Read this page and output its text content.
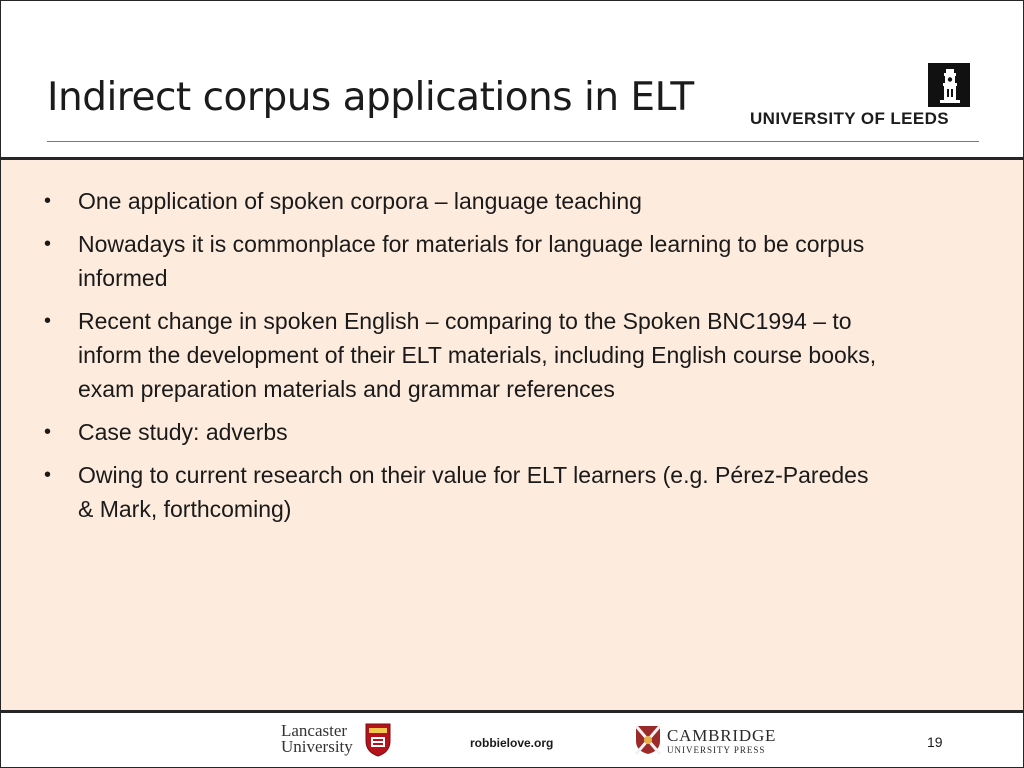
Indirect corpus applications in ELT	UNIVERSITY OF LEEDS
• One application of spoken corpora – language teaching
• Nowadays it is commonplace for materials for language learning to be corpus informed
• Recent change in spoken English – comparing to the Spoken BNC1994 – to inform the development of their ELT materials, including English course books, exam preparation materials and grammar references
• Case study: adverbs
• Owing to current research on their value for ELT learners (e.g. Pérez-Paredes & Mark, forthcoming)
Lancaster
University	robbielove.org	CAMBRIDGE
UNIVERSITY PRESS	19
